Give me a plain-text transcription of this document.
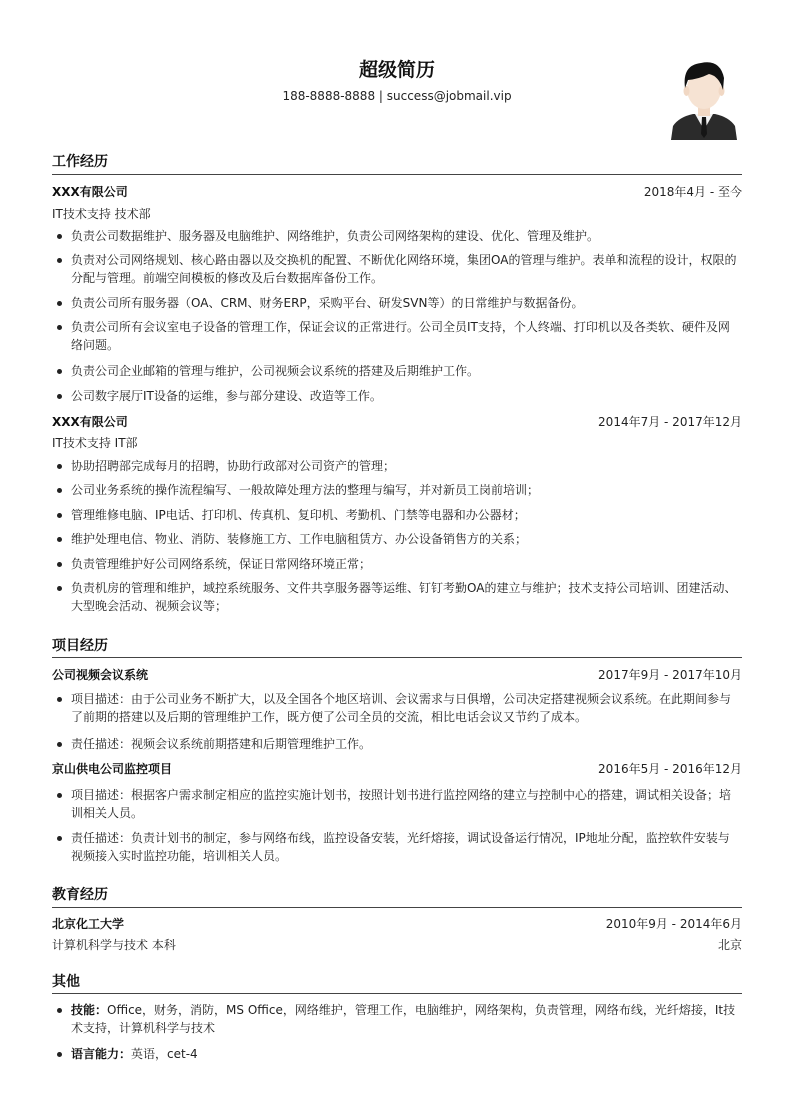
超级简历
188-8888-8888 | success@jobmail.vip
工作经历
XXX有限公司	2018年4月 - 至今
IT技术支持 技术部
负责公司数据维护、服务器及电脑维护、网络维护，负责公司网络架构的建设、优化、管理及维护。
负责对公司网络规划、核心路由器以及交换机的配置、不断优化网络环境，集团OA的管理与维护。表单和流程的设计，权限的分配与管理。前端空间模板的修改及后台数据库备份工作。
负责公司所有服务器（OA、CRM、财务ERP，采购平台、研发SVN等）的日常维护与数据备份。
负责公司所有会议室电子设备的管理工作，保证会议的正常进行。公司全员IT支持，个人终端、打印机以及各类软、硬件及网络问题。
负责公司企业邮箱的管理与维护，公司视频会议系统的搭建及后期维护工作。
公司数字展厅IT设备的运维，参与部分建设、改造等工作。
XXX有限公司	2014年7月 - 2017年12月
IT技术支持 IT部
协助招聘部完成每月的招聘，协助行政部对公司资产的管理；
公司业务系统的操作流程编写、一般故障处理方法的整理与编写，并对新员工岗前培训；
管理维修电脑、IP电话、打印机、传真机、复印机、考勤机、门禁等电器和办公器材；
维护处理电信、物业、消防、装修施工方、工作电脑租赁方、办公设备销售方的关系；
负责管理维护好公司网络系统，保证日常网络环境正常；
负责机房的管理和维护，域控系统服务、文件共享服务器等运维、钉钉考勤OA的建立与维护；技术支持公司培训、团建活动、大型晚会活动、视频会议等；
项目经历
公司视频会议系统	2017年9月 - 2017年10月
项目描述：由于公司业务不断扩大，以及全国各个地区培训、会议需求与日俱增，公司决定搭建视频会议系统。在此期间参与了前期的搭建以及后期的管理维护工作，既方便了公司全员的交流，相比电话会议又节约了成本。
责任描述：视频会议系统前期搭建和后期管理维护工作。
京山供电公司监控项目	2016年5月 - 2016年12月
项目描述：根据客户需求制定相应的监控实施计划书，按照计划书进行监控网络的建立与控制中心的搭建，调试相关设备；培训相关人员。
责任描述：负责计划书的制定，参与网络布线，监控设备安装，光纤熔接，调试设备运行情况，IP地址分配，监控软件安装与视频接入实时监控功能，培训相关人员。
教育经历
北京化工大学	2010年9月 - 2014年6月
计算机科学与技术 本科	北京
其他
技能：Office，财务，消防，MS Office，网络维护，管理工作，电脑维护，网络架构，负责管理，网络布线，光纤熔接，It技术支持，计算机科学与技术
语言能力：英语，cet-4
